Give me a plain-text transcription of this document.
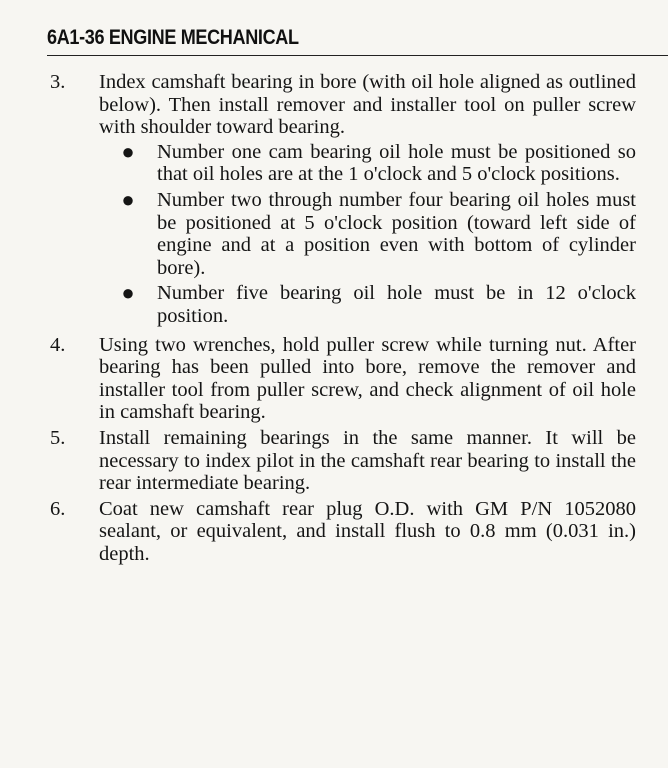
6A1-36 ENGINE MECHANICAL
3.	Index camshaft bearing in bore (with oil hole aligned as outlined below). Then install remover and installer tool on puller screw with shoulder toward bearing.

●	Number one cam bearing oil hole must be positioned so that oil holes are at the 1 o'clock and 5 o'clock positions.
●	Number two through number four bearing oil holes must be positioned at 5 o'clock position (toward left side of engine and at a position even with bottom of cylinder bore).
●	Number five bearing oil hole must be in 12 o'clock position.
4.	Using two wrenches, hold puller screw while turning nut. After bearing has been pulled into bore, remove the remover and installer tool from puller screw, and check alignment of oil hole in camshaft bearing.

5.	Install remaining bearings in the same manner. It will be necessary to index pilot in the camshaft rear bearing to install the rear intermediate bearing.

6.	Coat new camshaft rear plug O.D. with GM P/N 1052080 sealant, or equivalent, and install flush to 0.8 mm (0.031 in.) depth.
